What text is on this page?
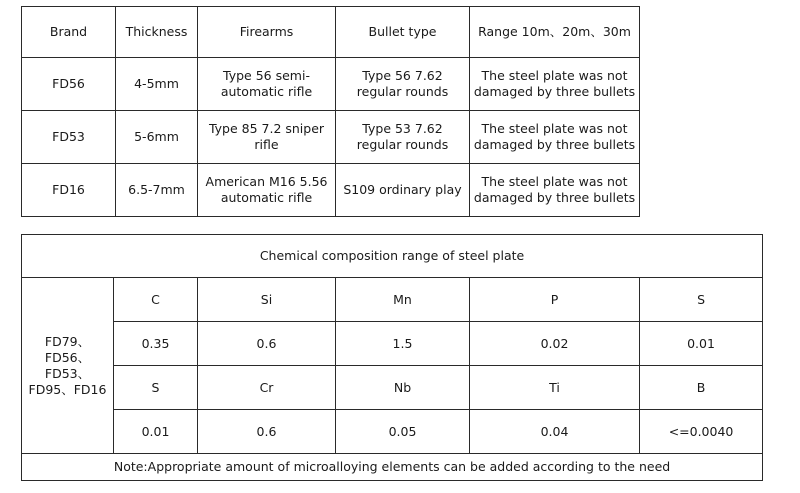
Brand	Thickness	Firearms	Bullet type	Range 10m、20m、30m
FD56	4-5mm	Type 56 semi-automatic rifle	Type 56 7.62 regular rounds	The steel plate was not damaged by three bullets
FD53	5-6mm	Type 85 7.2 sniper rifle	Type 53 7.62 regular rounds	The steel plate was not damaged by three bullets
FD16	6.5-7mm	American M16 5.56 automatic rifle	S109 ordinary play	The steel plate was not damaged by three bullets
Chemical composition range of steel plate					
FD79、FD56、FD53、FD95、FD16	C	Si	Mn	P	S
	0.35	0.6	1.5	0.02	0.01
	S	Cr	Nb	Ti	B
	0.01	0.6	0.05	0.04	<=0.0040
Note:Appropriate amount of microalloying elements can be added according to the need					
